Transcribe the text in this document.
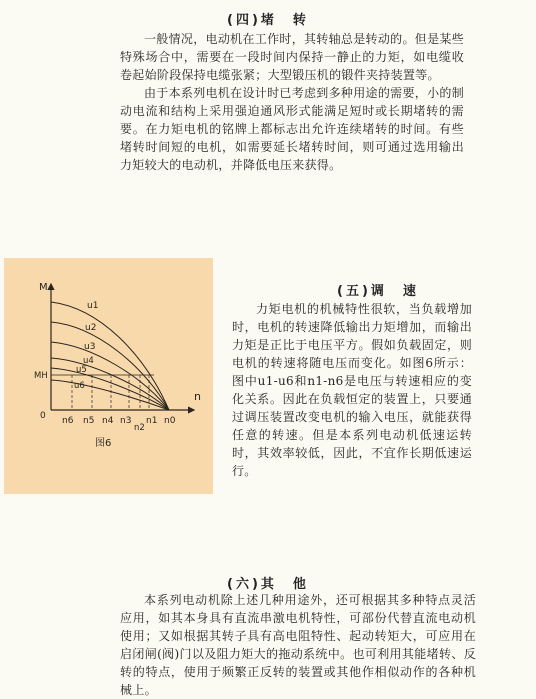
(四)堵　转

一般情况，电动机在工作时，其转轴总是转动的。但是某些特殊场合中，需要在一段时间内保持一静止的力矩，如电缆收卷起始阶段保持电缆张紧；大型锻压机的锻件夹持装置等。

由于本系列电机在设计时已考虑到多种用途的需要，小的制动电流和结构上采用强迫通风形式能满足短时或长期堵转的需要。在力矩电机的铭牌上都标志出允许连续堵转的时间。有些堵转时间短的电机，如需要延长堵转时间，则可通过选用输出力矩较大的电动机，并降低电压来获得。

M
n
0
MH
n0
u1
u2
u3
u4
u5
u6
n6 n5 n4 n3
n2
n1
图6
(五)调　速

力矩电机的机械特性很软，当负载增加时，电机的转速降低输出力矩增加，而输出力矩是正比于电压平方。假如负载固定，则电机的转速将随电压而变化。如图6所示：图中u1-u6和n1-n6是电压与转速相应的变化关系。因此在负载恒定的装置上，只要通过调压装置改变电机的输入电压，就能获得任意的转速。但是本系列电动机低速运转时，其效率较低，因此，不宜作长期低速运行。

(六)其　他

本系列电动机除上述几种用途外，还可根据其多种特点灵活应用，如其本身具有直流串激电机特性，可部份代替直流电动机使用；又如根据其转子具有高电阻特性、起动转矩大，可应用在启闭闸(阀)门以及阻力矩大的拖动系统中。也可利用其能堵转、反转的特点，使用于频繁正反转的装置或其他作相似动作的各种机械上。
